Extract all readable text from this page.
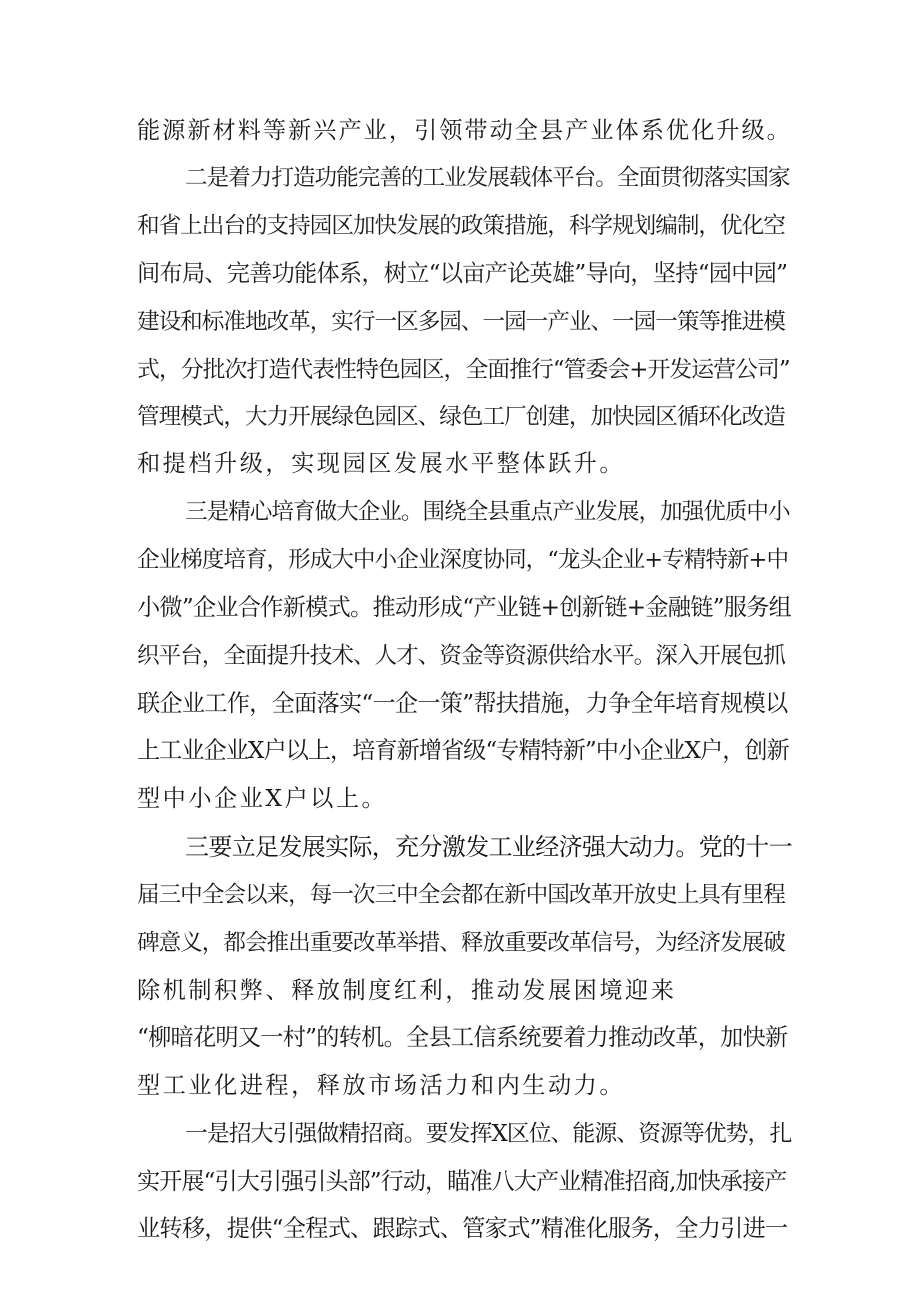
能源新材料等新兴产业，引领带动全县产业体系优化升级。

二是着力打造功能完善的工业发展载体平台。全面贯彻落实国家

和省上出台的支持园区加快发展的政策措施，科学规划编制，优化空

间布局、完善功能体系，树立“以亩产论英雄”导向，坚持“园中园”

建设和标准地改革，实行一区多园、一园一产业、一园一策等推进模

式，分批次打造代表性特色园区，全面推行“管委会+开发运营公司”

管理模式，大力开展绿色园区、绿色工厂创建，加快园区循环化改造

和提档升级，实现园区发展水平整体跃升。

三是精心培育做大企业。围绕全县重点产业发展，加强优质中小

企业梯度培育，形成大中小企业深度协同，“龙头企业+专精特新+中

小微”企业合作新模式。推动形成“产业链+创新链+金融链”服务组

织平台，全面提升技术、人才、资金等资源供给水平。深入开展包抓

联企业工作，全面落实“一企一策”帮扶措施，力争全年培育规模以

上工业企业X户以上，培育新增省级“专精特新”中小企业X户，创新

型中小企业X户以上。

三要立足发展实际，充分激发工业经济强大动力。党的十一

届三中全会以来，每一次三中全会都在新中国改革开放史上具有里程

碑意义，都会推出重要改革举措、释放重要改革信号，为经济发展破

除机制积弊、释放制度红利，推动发展困境迎来

“柳暗花明又一村”的转机。全县工信系统要着力推动改革，加快新

型工业化进程，释放市场活力和内生动力。

一是招大引强做精招商。要发挥X区位、能源、资源等优势，扎

实开展“引大引强引头部”行动，瞄准八大产业精准招商,加快承接产

业转移，提供“全程式、跟踪式、管家式”精准化服务，全力引进一
